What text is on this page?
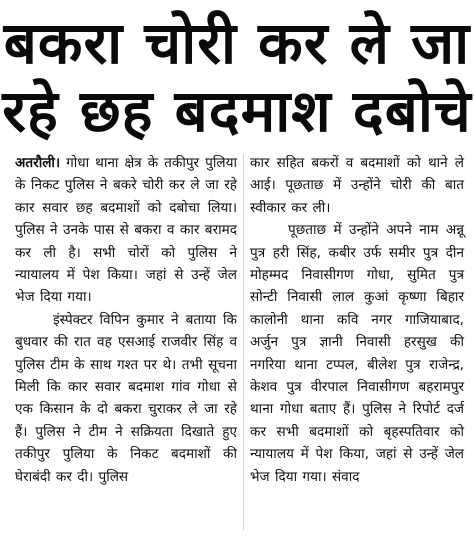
बकरा चोरी कर ले जा
रहे छह बदमाश दबोचे

अतरौली। गोधा थाना क्षेत्र के तकीपुर पुलिया के निकट पुलिस ने बकरे चोरी कर ले जा रहे कार सवार छह बदमाशों को दबोचा लिया। पुलिस ने उनके पास से बकरा व कार बरामद कर ली है। सभी चोरों को पुलिस ने न्यायालय में पेश किया। जहां से उन्हें जेल भेज दिया गया।

इंस्पेक्टर विपिन कुमार ने बताया कि बुधवार की रात वह एसआई राजवीर सिंह व पुलिस टीम के साथ गश्त पर थे। तभी सूचना मिली कि कार सवार बदमाश गांव गोधा से एक किसान के दो बकरा चुराकर ले जा रहे हैं। पुलिस ने टीम ने सक्रियता दिखाते हुए तकीपुर पुलिया के निकट बदमाशों की घेराबंदी कर दी। पुलिस

कार सहित बकरों व बदमाशों को थाने ले आई। पूछताछ में उन्होंने चोरी की बात स्वीकार कर ली।

पूछताछ में उन्होंने अपने नाम अन्नू पुत्र हरी सिंह, कबीर उर्फ समीर पुत्र दीन मोहम्मद निवासीगण गोधा, सुमित पुत्र सोन्टी निवासी लाल कुआं कृष्णा बिहार कालोनी थाना कवि नगर गाजियाबाद, अर्जुन पुत्र ज्ञानी निवासी हरसुख की नगरिया थाना टप्पल, बीलेश पुत्र राजेन्द्र, केशव पुत्र वीरपाल निवासीगण बहरामपुर थाना गोधा बताए हैं। पुलिस ने रिपोर्ट दर्ज कर सभी बदमाशों को बृहस्पतिवार को न्यायालय में पेश किया, जहां से उन्हें जेल भेज दिया गया। संवाद
